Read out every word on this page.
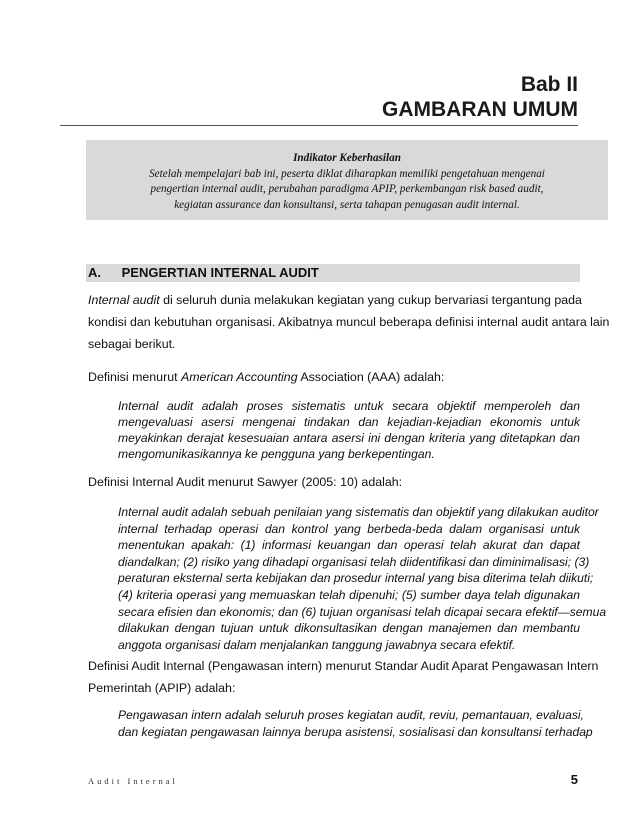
Bab II
GAMBARAN UMUM
Indikator Keberhasilan
Setelah mempelajari bab ini, peserta diklat diharapkan memiliki pengetahuan mengenai
pengertian internal audit, perubahan paradigma APIP, perkembangan risk based audit,
kegiatan assurance dan konsultansi, serta tahapan penugasan audit internal.
A. PENGERTIAN INTERNAL AUDIT
Internal audit di seluruh dunia melakukan kegiatan yang cukup bervariasi tergantung pada
kondisi dan kebutuhan organisasi. Akibatnya muncul beberapa definisi internal audit antara lain
sebagai berikut.
Definisi menurut American Accounting Association (AAA) adalah:
Internal audit adalah proses sistematis untuk secara objektif memperoleh dan
mengevaluasi asersi mengenai tindakan dan kejadian-kejadian ekonomis untuk
meyakinkan derajat kesesuaian antara asersi ini dengan kriteria yang ditetapkan dan
mengomunikasikannya ke pengguna yang berkepentingan.
Definisi Internal Audit menurut Sawyer (2005: 10) adalah:
Internal audit adalah sebuah penilaian yang sistematis dan objektif yang dilakukan auditor
internal terhadap operasi dan kontrol yang berbeda-beda dalam organisasi untuk
menentukan apakah: (1) informasi keuangan dan operasi telah akurat dan dapat
diandalkan; (2) risiko yang dihadapi organisasi telah diidentifikasi dan diminimalisasi; (3)
peraturan eksternal serta kebijakan dan prosedur internal yang bisa diterima telah diikuti;
(4) kriteria operasi yang memuaskan telah dipenuhi; (5) sumber daya telah digunakan
secara efisien dan ekonomis; dan (6) tujuan organisasi telah dicapai secara efektif—semua
dilakukan dengan tujuan untuk dikonsultasikan dengan manajemen dan membantu
anggota organisasi dalam menjalankan tanggung jawabnya secara efektif.
Definisi Audit Internal (Pengawasan intern) menurut Standar Audit Aparat Pengawasan Intern
Pemerintah (APIP) adalah:
Pengawasan intern adalah seluruh proses kegiatan audit, reviu, pemantauan, evaluasi,
dan kegiatan pengawasan lainnya berupa asistensi, sosialisasi dan konsultansi terhadap
Audit Internal	5
